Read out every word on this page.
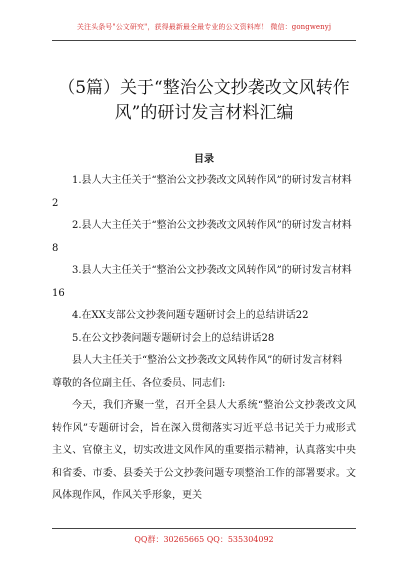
关注头条号"公文研究"，获得最新最全最专业的公文资料库！ 微信：gongwenyj
（5篇）关于“整治公文抄袭改文风转作风”的研讨发言材料汇编
目录

1.县人大主任关于“整治公文抄袭改文风转作风”的研讨发言材料2

2.县人大主任关于“整治公文抄袭改文风转作风”的研讨发言材料8

3.县人大主任关于“整治公文抄袭改文风转作风”的研讨发言材料16

4.在XX支部公文抄袭问题专题研讨会上的总结讲话22

5.在公文抄袭问题专题研讨会上的总结讲话28

县人大主任关于“整治公文抄袭改文风转作风”的研讨发言材料

尊敬的各位副主任、各位委员、同志们:

今天，我们齐聚一堂，召开全县人大系统“整治公文抄袭改文风转作风”专题研讨会，旨在深入贯彻落实习近平总书记关于力戒形式主义、官僚主义，切实改进文风作风的重要指示精神，认真落实中央和省委、市委、县委关于公文抄袭问题专项整治工作的部署要求。文风体现作风，作风关乎形象，更关

QQ群：30265665 QQ：535304092
